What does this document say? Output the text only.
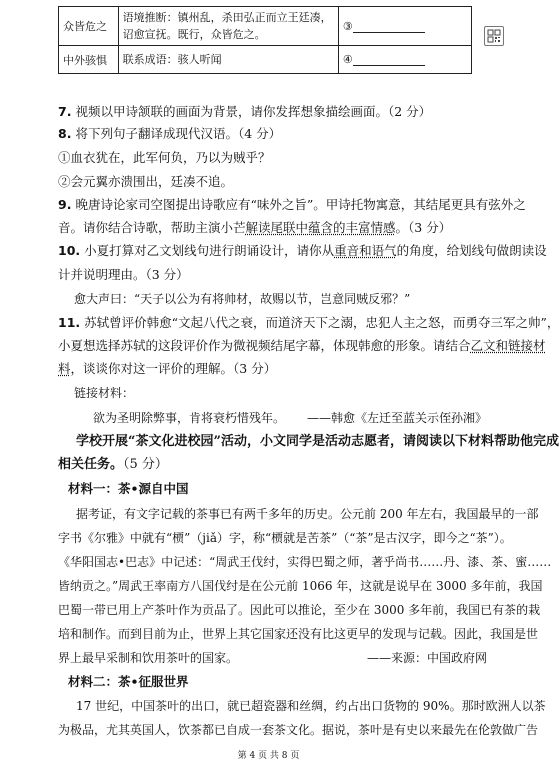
众皆危之	语境推断：镇州乱，杀田弘正而立王廷凑，
诏愈宣抚。既行，众皆危之。	③
中外骇惧	联系成语：骇人听闻	④
7. 视频以甲诗颔联的画面为背景，请你发挥想象描绘画面。（2 分）
8. 将下列句子翻译成现代汉语。（4 分）
①血衣犹在，此军何负，乃以为贼乎？
②会元翼亦溃围出，廷凑不追。
9. 晚唐诗论家司空图提出诗歌应有“味外之旨”。甲诗托物寓意，其结尾更具有弦外之
音。请你结合诗歌，帮助主演小芒解读尾联中蕴含的丰富情感。（3 分）
10. 小夏打算对乙文划线句进行朗诵设计，请你从重音和语气的角度，给划线句做朗读设
计并说明理由。（3 分）
愈大声曰：“天子以公为有将帅材，故赐以节，岂意同贼反邪？”
11. 苏轼曾评价韩愈“文起八代之衰，而道济天下之溺，忠犯人主之怒，而勇夺三军之帅”，
小夏想选择苏轼的这段评价作为微视频结尾字幕，体现韩愈的形象。请结合乙文和链接材
料，谈谈你对这一评价的理解。（3 分）
链接材料：
欲为圣明除弊事，肯将衰朽惜残年。 ——韩愈《左迁至蓝关示侄孙湘》
学校开展“茶文化进校园”活动，小文同学是活动志愿者，请阅读以下材料帮助他完成
相关任务。（5 分）
材料一：茶•源自中国
据考证，有文字记载的茶事已有两千多年的历史。公元前 200 年左右，我国最早的一部
字书《尔雅》中就有“槚”（jiǎ）字，称“槚就是苦茶”（“茶”是古汉字，即今之“茶”）。
《华阳国志•巴志》中记述：“周武王伐纣，实得巴蜀之师，著乎尚书……丹、漆、茶、蜜……
皆纳贡之。”周武王率南方八国伐纣是在公元前 1066 年，这就是说早在 3000 多年前，我国
巴蜀一带已用上产茶叶作为贡品了。因此可以推论，至少在 3000 多年前，我国已有茶的栽
培和制作。而到目前为止，世界上其它国家还没有比这更早的发现与记载。因此，我国是世
界上最早采制和饮用茶叶的国家。	——来源：中国政府网
材料二：茶•征服世界
17 世纪，中国茶叶的出口，就已超瓷器和丝绸，约占出口货物的 90%。那时欧洲人以茶
为极品，尤其英国人，饮茶都已自成一套茶文化。据说，茶叶是有史以来最先在伦敦做广告
第 4 页 共 8 页
